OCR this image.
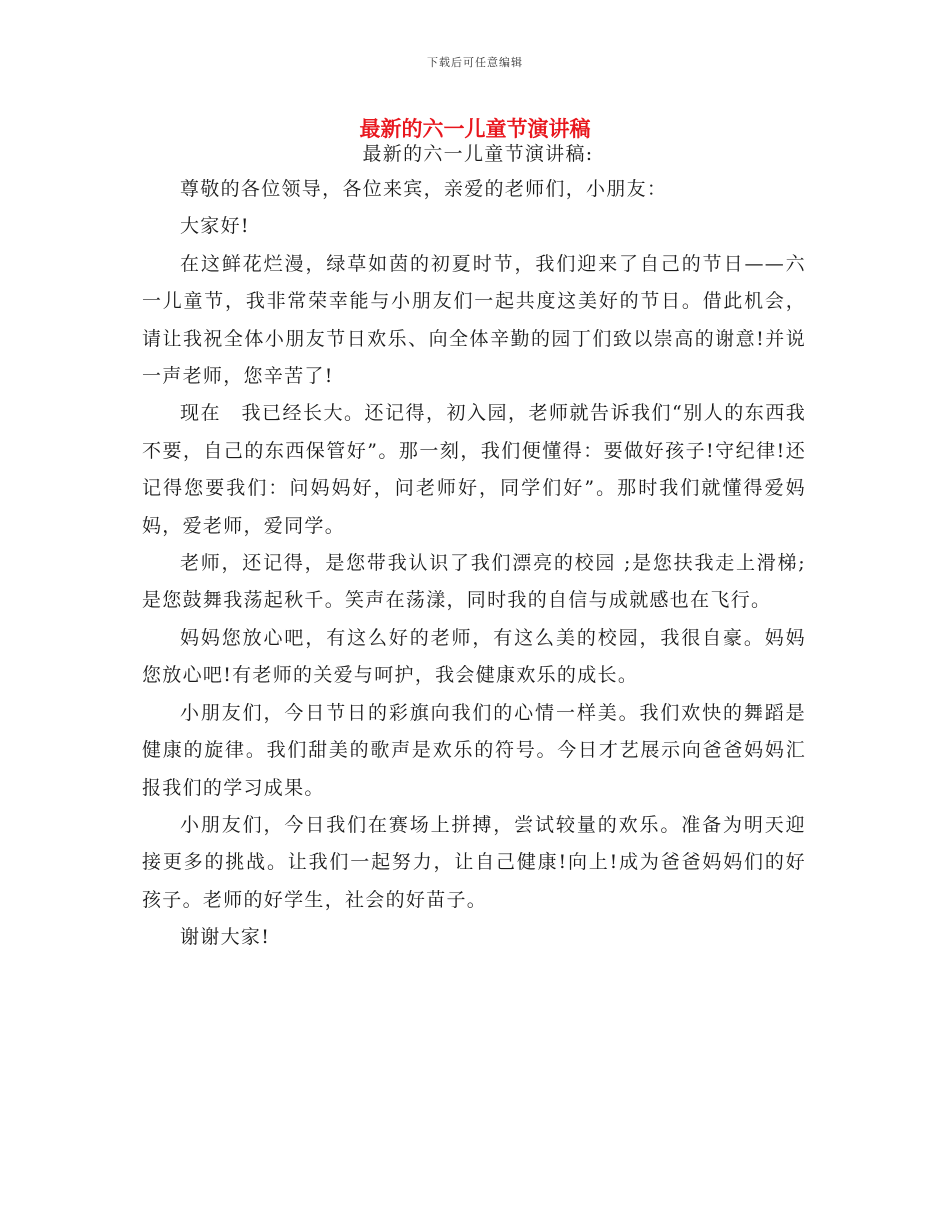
下载后可任意编辑
最新的六一儿童节演讲稿

最新的六一儿童节演讲稿:

尊敬的各位领导，各位来宾，亲爱的老师们，小朋友：

大家好!

在这鲜花烂漫，绿草如茵的初夏时节，我们迎来了自己的节日——六一儿童节，我非常荣幸能与小朋友们一起共度这美好的节日。借此机会，请让我祝全体小朋友节日欢乐、向全体辛勤的园丁们致以崇高的谢意!并说一声老师，您辛苦了!

现在　我已经长大。还记得，初入园，老师就告诉我们“别人的东西我不要，自己的东西保管好”。那一刻，我们便懂得：要做好孩子!守纪律!还记得您要我们：问妈妈好，问老师好，同学们好”。那时我们就懂得爱妈妈，爱老师，爱同学。

老师，还记得，是您带我认识了我们漂亮的校园 ;是您扶我走上滑梯;是您鼓舞我荡起秋千。笑声在荡漾，同时我的自信与成就感也在飞行。

妈妈您放心吧，有这么好的老师，有这么美的校园，我很自豪。妈妈您放心吧!有老师的关爱与呵护，我会健康欢乐的成长。

小朋友们，今日节日的彩旗向我们的心情一样美。我们欢快的舞蹈是健康的旋律。我们甜美的歌声是欢乐的符号。今日才艺展示向爸爸妈妈汇报我们的学习成果。

小朋友们，今日我们在赛场上拼搏，尝试较量的欢乐。准备为明天迎接更多的挑战。让我们一起努力，让自己健康!向上!成为爸爸妈妈们的好孩子。老师的好学生，社会的好苗子。

谢谢大家!
